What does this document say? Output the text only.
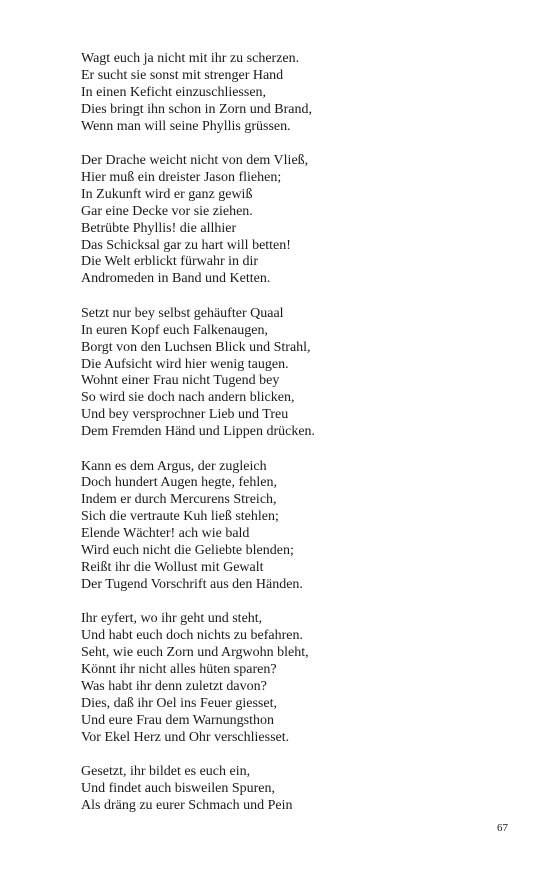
Wagt euch ja nicht mit ihr zu scherzen.
Er sucht sie sonst mit strenger Hand
In einen Keficht einzuschliessen,
Dies bringt ihn schon in Zorn und Brand,
Wenn man will seine Phyllis grüssen.
Der Drache weicht nicht von dem Vließ,
Hier muß ein dreister Jason fliehen;
In Zukunft wird er ganz gewiß
Gar eine Decke vor sie ziehen.
Betrübte Phyllis! die allhier
Das Schicksal gar zu hart will betten!
Die Welt erblickt fürwahr in dir
Andromeden in Band und Ketten.
Setzt nur bey selbst gehäufter Quaal
In euren Kopf euch Falkenaugen,
Borgt von den Luchsen Blick und Strahl,
Die Aufsicht wird hier wenig taugen.
Wohnt einer Frau nicht Tugend bey
So wird sie doch nach andern blicken,
Und bey versprochner Lieb und Treu
Dem Fremden Händ und Lippen drücken.
Kann es dem Argus, der zugleich
Doch hundert Augen hegte, fehlen,
Indem er durch Mercurens Streich,
Sich die vertraute Kuh ließ stehlen;
Elende Wächter! ach wie bald
Wird euch nicht die Geliebte blenden;
Reißt ihr die Wollust mit Gewalt
Der Tugend Vorschrift aus den Händen.
Ihr eyfert, wo ihr geht und steht,
Und habt euch doch nichts zu befahren.
Seht, wie euch Zorn und Argwohn bleht,
Könnt ihr nicht alles hüten sparen?
Was habt ihr denn zuletzt davon?
Dies, daß ihr Oel ins Feuer giesset,
Und eure Frau dem Warnungsthon
Vor Ekel Herz und Ohr verschliesset.
Gesetzt, ihr bildet es euch ein,
Und findet auch bisweilen Spuren,
Als dräng zu eurer Schmach und Pein
67
